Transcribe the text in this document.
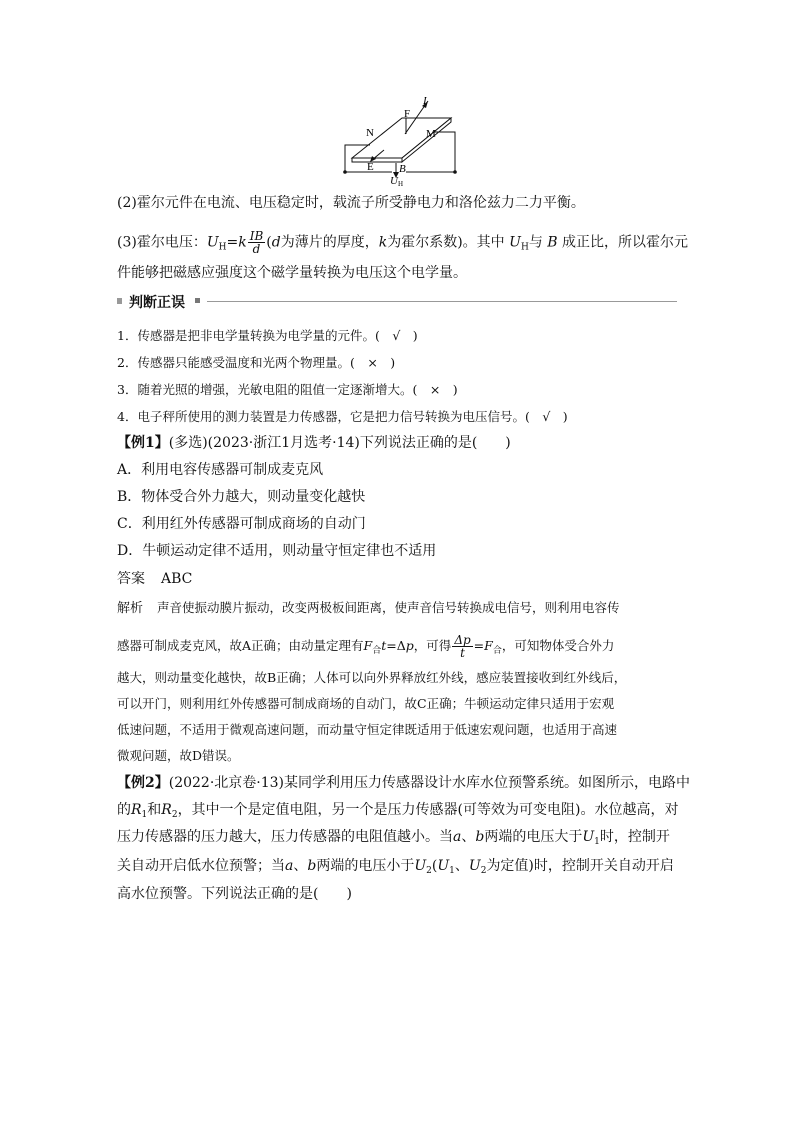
N
F
I
M
E B
UH
(2)霍尔元件在电流、电压稳定时，载流子所受静电力和洛伦兹力二力平衡。
(3)霍尔电压：$U_H=k \frac{IB}{d} (d$为薄片的厚度，k为霍尔系数)。其中 $U_H$与 B 成正比，所以霍尔元
件能够把磁感应强度这个磁学量转换为电压这个电学量。
判断正误
1．传感器是把非电学量转换为电学量的元件。(　√　)
2．传感器只能感受温度和光两个物理量。(　×　)
3．随着光照的增强，光敏电阻的阻值一定逐渐增大。(　×　)
4．电子秤所使用的测力装置是力传感器，它是把力信号转换为电压信号。(　√　)
【例1】(多选)(2023·浙江1月选考·14)下列说法正确的是(　　)
A．利用电容传感器可制成麦克风
B．物体受合外力越大，则动量变化越快
C．利用红外传感器可制成商场的自动门
D．牛顿运动定律不适用，则动量守恒定律也不适用
答案 ABC
解析 声音使振动膜片振动，改变两极板间距离，使声音信号转换成电信号，则利用电容传
感器可制成麦克风，故A正确；由动量定理有$F_合t=\Delta p$，可得 $\frac{\Delta p}{t} =F_合$，可知物体受合外力
越大，则动量变化越快，故B正确；人体可以向外界释放红外线，感应装置接收到红外线后，
可以开门，则利用红外传感器可制成商场的自动门，故C正确；牛顿运动定律只适用于宏观
低速问题，不适用于微观高速问题，而动量守恒定律既适用于低速宏观问题，也适用于高速
微观问题，故D错误。
【例2】(2022·北京卷·13)某同学利用压力传感器设计水库水位预警系统。如图所示，电路中
的$R_1$和$R_2$，其中一个是定值电阻，另一个是压力传感器(可等效为可变电阻)。水位越高，对
压力传感器的压力越大，压力传感器的电阻值越小。当a、b两端的电压大于$U_1$时，控制开
关自动开启低水位预警；当a、b两端的电压小于$U_2(U_1$、$U_2$为定值)时，控制开关自动开启
高水位预警。下列说法正确的是(　　)
